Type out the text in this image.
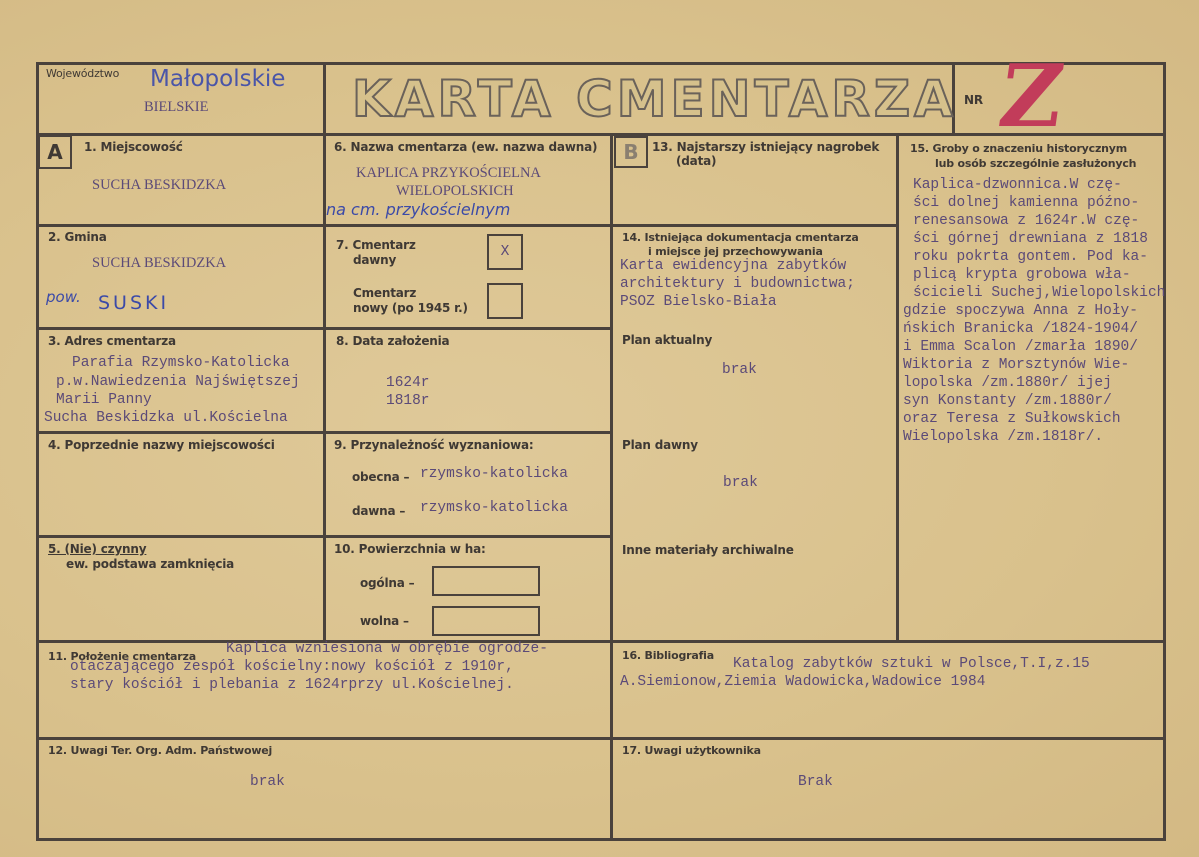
Województwo Małopolskie
BIELSKIE	KARTA CMENTARZA NR Z
A	1. Miejscowość
SUCHA BESKIDZKA
2. Gmina
SUCHA BESKIDZKA
pow. SUSKI
3. Adres cmentarza
Parafia Rzymsko-Katolicka
p.w.Nawiedzenia Najświętszej
Marii Panny
Sucha Beskidzka ul.Kościelna
4. Poprzednie nazwy miejscowości
5. (Nie) czynny
ew. podstawa zamknięcia
6. Nazwa cmentarza (ew. nazwa dawna)
KAPLICA PRZYKOŚCIELNA
WIELOPOLSKICH
na cm. przykościelnym
7. Cmentarz
dawny	X
Cmentarz
nowy (po 1945 r.)
8. Data założenia
1624r
1818r
9. Przynależność wyznaniowa:
obecna – rzymsko-katolicka
dawna – rzymsko-katolicka
10. Powierzchnia w ha:
ogólna –
wolna –
11. Położenie cmentarza Kaplica wzniesiona w obrębie ogrodze-
otaczającego zespół kościelny:nowy kościół z 1910r,
stary kościół i plebania z 1624rprzy ul.Kościelnej.
12. Uwagi Ter. Org. Adm. Państwowej
brak
B	13. Najstarszy istniejący nagrobek
(data)
14. Istniejąca dokumentacja cmentarza
i miejsce jej przechowywania
Karta ewidencyjna zabytków
architektury i budownictwa;
PSOZ Bielsko-Biała
Plan aktualny
brak
Plan dawny
brak
Inne materiały archiwalne
15. Groby o znaczeniu historycznym
lub osób szczególnie zasłużonych
Kaplica-dzwonnica.W czę-
ści dolnej kamienna późno-
renesansowa z 1624r.W czę-
ści górnej drewniana z 1818
roku pokrta gontem. Pod ka-
plicą krypta grobowa wła-
ścicieli Suchej,Wielopolskich
gdzie spoczywa Anna z Hoły-
ńskich Branicka /1824-1904/
i Emma Scalon /zmarła 1890/
Wiktoria z Morsztynów Wie-
lopolska /zm.1880r/ ijej
syn Konstanty /zm.1880r/
oraz Teresa z Sułkowskich
Wielopolska /zm.1818r/.
16. Bibliografia
Katalog zabytków sztuki w Polsce,T.I,z.15
A.Siemionow,Ziemia Wadowicka,Wadowice 1984
17. Uwagi użytkownika
Brak
